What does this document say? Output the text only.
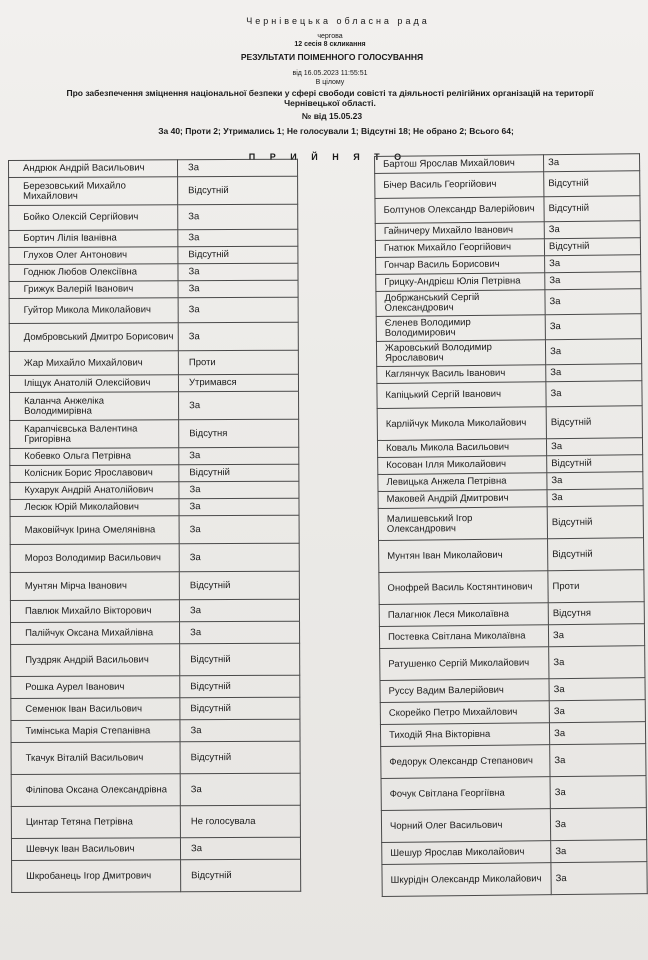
Чернівецька обласна рада
чергова
12 сесія 8 скликання
РЕЗУЛЬТАТИ ПОІМЕННОГО ГОЛОСУВАННЯ
від 16.05.2023 11:55:51
В цілому
Про забезпечення зміцнення національної безпеки у сфері свободи совісті та діяльності релігійних організацій на території Чернівецької області.
№ від 15.05.23
За 40; Проти 2; Утримались 1; Не голосували 1; Відсутні 18; Не обрано 2; Всього 64;
П Р И Й Н Я Т О
Андрюк Андрій Васильович	За
Березовський Михайло Михайлович	Відсутній
Бойко Олексій Сергійович	За
Бортич Лілія Іванівна	За
Глухов Олег Антонович	Відсутній
Годнюк Любов Олексіївна	За
Грижук Валерій Іванович	За
Гуйтор Микола Миколайович	За
Домбровський Дмитро Борисович	За
Жар Михайло Михайлович	Проти
Іліщук Анатолій Олексійович	Утримався
Каланча Анжеліка Володимирівна	За
Карапчієвська Валентина Григорівна	Відсутня
Кобевко Ольга Петрівна	За
Колісник Борис Ярославович	Відсутній
Кухарук Андрій Анатолійович	За
Лесюк Юрій Миколайович	За
Маковійчук Ірина Омелянівна	За
Мороз Володимир Васильович	За
Мунтян Мірча Іванович	Відсутній
Павлюк Михайло Вікторович	За
Палійчук Оксана Михайлівна	За
Пуздряк Андрій Васильович	Відсутній
Рошка Аурел Іванович	Відсутній
Семенюк Іван Васильович	Відсутній
Тимінська Марія Степанівна	За
Ткачук Віталій Васильович	Відсутній
Філіпова Оксана Олександрівна	За
Цинтар Тетяна Петрівна	Не голосувала
Шевчук Іван Васильович	За
Шкробанець Ігор Дмитрович	Відсутній
Бартош Ярослав Михайлович	За
Бічер Василь Георгійович	Відсутній
Болтунов Олександр Валерійович	Відсутній
Гайничеру Михайло Іванович	За
Гнатюк Михайло Георгійович	Відсутній
Гончар Василь Борисович	За
Грицку-Андрієш Юлія Петрівна	За
Добржанський Сергій Олександрович	За
Єленев Володимир Володимирович	За
Жаровський Володимир Ярославович	За
Каглянчук Василь Іванович	За
Капіцький Сергій Іванович	За
Карлійчук Микола Миколайович	Відсутній
Коваль Микола Васильович	За
Косован Ілля Миколайович	Відсутній
Левицька Анжела Петрівна	За
Маковей Андрій Дмитрович	За
Малишевський Ігор Олександрович	Відсутній
Мунтян Іван Миколайович	Відсутній
Онофрей Василь Костянтинович	Проти
Палагнюк Леся Миколаївна	Відсутня
Постевка Світлана Миколаївна	За
Ратушенко Сергій Миколайович	За
Руссу Вадим Валерійович	За
Скорейко Петро Михайлович	За
Тиходій Яна Вікторівна	За
Федорук Олександр Степанович	За
Фочук Світлана Георгіївна	За
Чорний Олег Васильович	За
Шешур Ярослав Миколайович	За
Шкурідін Олександр Миколайович	За
